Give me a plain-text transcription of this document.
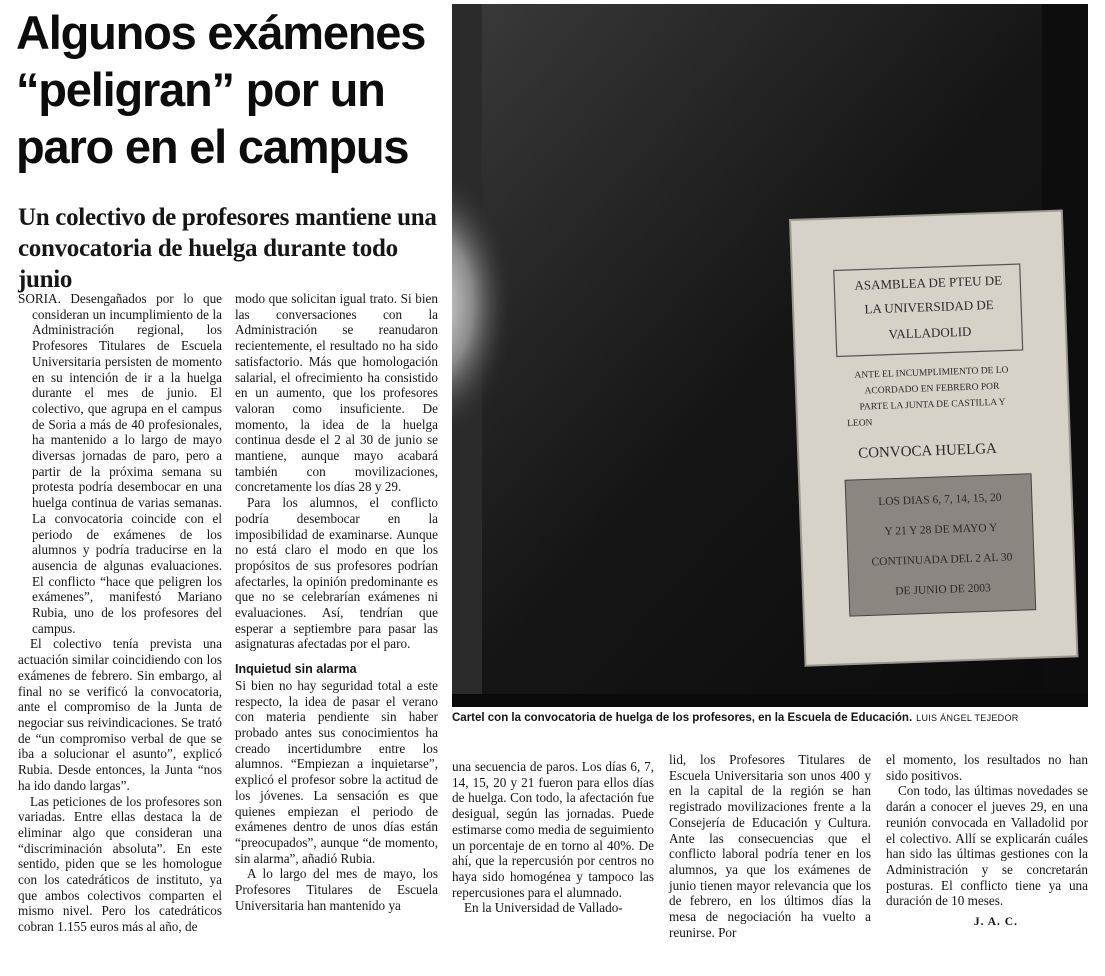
Algunos exámenes “peligran” por un paro en el campus
Un colectivo de profesores mantiene una convocatoria de huelga durante todo junio

SORIA. Desengañados por lo que consideran un incumplimiento de la Administración regional, los Profesores Titulares de Escuela Universitaria persisten de momento en su intención de ir a la huelga durante el mes de junio. El colectivo, que agrupa en el campus de Soria a más de 40 profesionales, ha mantenido a lo largo de mayo diversas jornadas de paro, pero a partir de la próxima semana su protesta podría desembocar en una huelga continua de varias semanas. La convocatoria coincide con el periodo de exámenes de los alumnos y podría traducirse en la ausencia de algunas evaluaciones. El conflicto “hace que peligren los exámenes”, manifestó Mariano Rubia, uno de los profesores del campus.

El colectivo tenía prevista una actuación similar coincidiendo con los exámenes de febrero. Sin embargo, al final no se verificó la convocatoria, ante el compromiso de la Junta de negociar sus reivindicaciones. Se trató de “un compromiso verbal de que se iba a solucionar el asunto”, explicó Rubia. Desde entonces, la Junta “nos ha ido dando largas”.

Las peticiones de los profesores son variadas. Entre ellas destaca la de eliminar algo que consideran una “discriminación absoluta”. En este sentido, piden que se les homologue con los catedráticos de instituto, ya que ambos colectivos comparten el mismo nivel. Pero los catedráticos cobran 1.155 euros más al año, de

modo que solicitan igual trato. Si bien las conversaciones con la Administración se reanudaron recientemente, el resultado no ha sido satisfactorio. Más que homologación salarial, el ofrecimiento ha consistido en un aumento, que los profesores valoran como insuficiente. De momento, la idea de la huelga continua desde el 2 al 30 de junio se mantiene, aunque mayo acabará también con movilizaciones, concretamente los días 28 y 29.

Para los alumnos, el conflicto podría desembocar en la imposibilidad de examinarse. Aunque no está claro el modo en que los propósitos de sus profesores podrían afectarles, la opinión predominante es que no se celebrarían exámenes ni evaluaciones. Así, tendrían que esperar a septiembre para pasar las asignaturas afectadas por el paro.

Inquietud sin alarma

Si bien no hay seguridad total a este respecto, la idea de pasar el verano con materia pendiente sin haber probado antes sus conocimientos ha creado incertidumbre entre los alumnos. “Empiezan a inquietarse”, explicó el profesor sobre la actitud de los jóvenes. La sensación es que quienes empiezan el periodo de exámenes dentro de unos días están “preocupados”, aunque “de momento, sin alarma”, añadió Rubia.

A lo largo del mes de mayo, los Profesores Titulares de Escuela Universitaria han mantenido ya

ASAMBLEA DE PTEU DE
LA UNIVERSIDAD DE
VALLADOLID
ANTE EL INCUMPLIMIENTO DE LO
ACORDADO EN FEBRERO POR
PARTE LA JUNTA DE CASTILLA Y
LEON
CONVOCA HUELGA
LOS DIAS 6, 7, 14, 15, 20
Y 21 Y 28 DE MAYO Y
CONTINUADA DEL 2 AL 30
DE JUNIO DE 2003
Cartel con la convocatoria de huelga de los profesores, en la Escuela de Educación. LUIS ÁNGEL TEJEDOR

una secuencia de paros. Los días 6, 7, 14, 15, 20 y 21 fueron para ellos días de huelga. Con todo, la afectación fue desigual, según las jornadas. Puede estimarse como media de seguimiento un porcentaje de en torno al 40%. De ahí, que la repercusión por centros no haya sido homogénea y tampoco las repercusiones para el alumnado.

En la Universidad de Vallado-

lid, los Profesores Titulares de Escuela Universitaria son unos 400 y en la capital de la región se han registrado movilizaciones frente a la Consejería de Educación y Cultura. Ante las consecuencias que el conflicto laboral podría tener en los alumnos, ya que los exámenes de junio tienen mayor relevancia que los de febrero, en los últimos días la mesa de negociación ha vuelto a reunirse. Por

el momento, los resultados no han sido positivos.

Con todo, las últimas novedades se darán a conocer el jueves 29, en una reunión convocada en Valladolid por el colectivo. Allí se explicarán cuáles han sido las últimas gestiones con la Administración y se concretarán posturas. El conflicto tiene ya una duración de 10 meses.

J. A. C.
